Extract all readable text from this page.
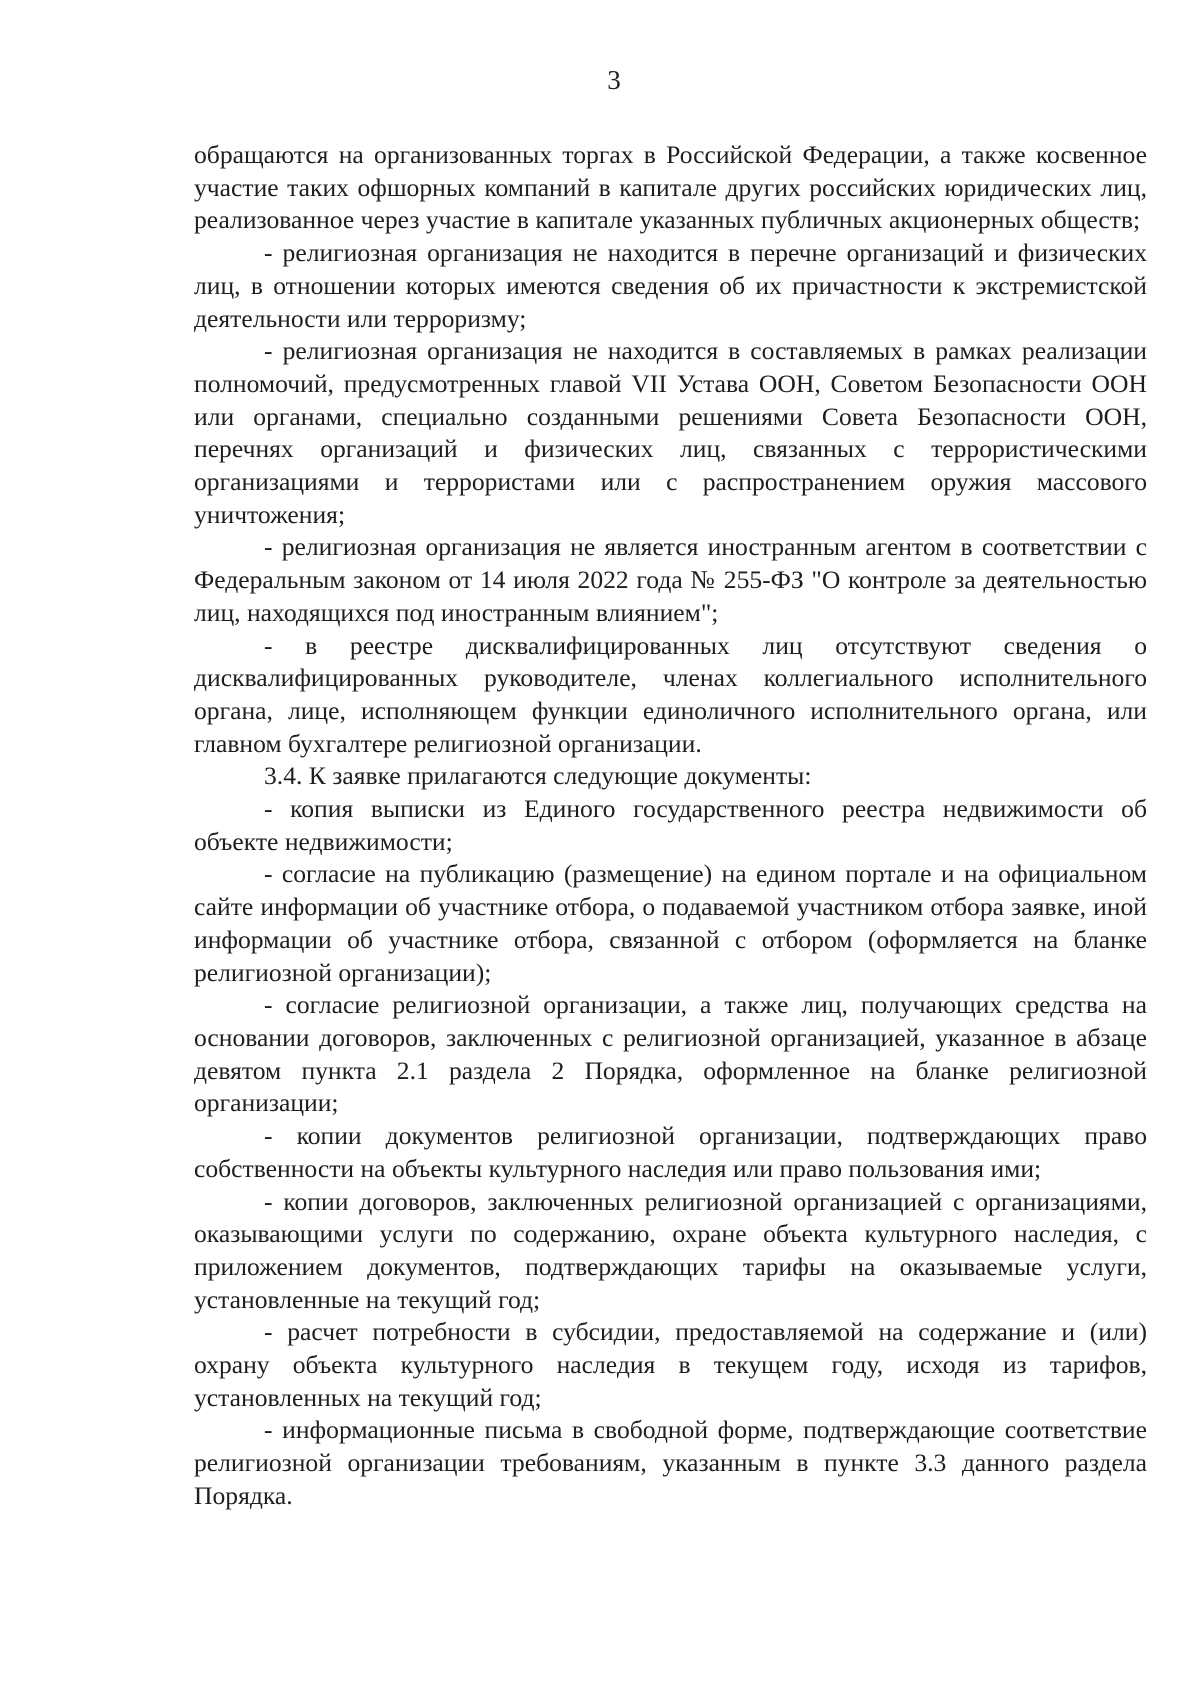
3

обращаются на организованных торгах в Российской Федерации, а также косвенное участие таких офшорных компаний в капитале других российских юридических лиц, реализованное через участие в капитале указанных публичных акционерных обществ;

- религиозная организация не находится в перечне организаций и физических лиц, в отношении которых имеются сведения об их причастности к экстремистской деятельности или терроризму;

- религиозная организация не находится в составляемых в рамках реализации полномочий, предусмотренных главой VII Устава ООН, Советом Безопасности ООН или органами, специально созданными решениями Совета Безопасности ООН, перечнях организаций и физических лиц, связанных с террористическими организациями и террористами или с распространением оружия массового уничтожения;

- религиозная организация не является иностранным агентом в соответствии с Федеральным законом от 14 июля 2022 года № 255-ФЗ "О контроле за деятельностью лиц, находящихся под иностранным влиянием";

- в реестре дисквалифицированных лиц отсутствуют сведения о дисквалифицированных руководителе, членах коллегиального исполнительного органа, лице, исполняющем функции единоличного исполнительного органа, или главном бухгалтере религиозной организации.

3.4. К заявке прилагаются следующие документы:

- копия выписки из Единого государственного реестра недвижимости об объекте недвижимости;

- согласие на публикацию (размещение) на едином портале и на официальном сайте информации об участнике отбора, о подаваемой участником отбора заявке, иной информации об участнике отбора, связанной с отбором (оформляется на бланке религиозной организации);

- согласие религиозной организации, а также лиц, получающих средства на основании договоров, заключенных с религиозной организацией, указанное в абзаце девятом пункта 2.1 раздела 2 Порядка, оформленное на бланке религиозной организации;

- копии документов религиозной организации, подтверждающих право собственности на объекты культурного наследия или право пользования ими;

- копии договоров, заключенных религиозной организацией с организациями, оказывающими услуги по содержанию, охране объекта культурного наследия, с приложением документов, подтверждающих тарифы на оказываемые услуги, установленные на текущий год;

- расчет потребности в субсидии, предоставляемой на содержание и (или) охрану объекта культурного наследия в текущем году, исходя из тарифов, установленных на текущий год;

- информационные письма в свободной форме, подтверждающие соответствие религиозной организации требованиям, указанным в пункте 3.3 данного раздела Порядка.
